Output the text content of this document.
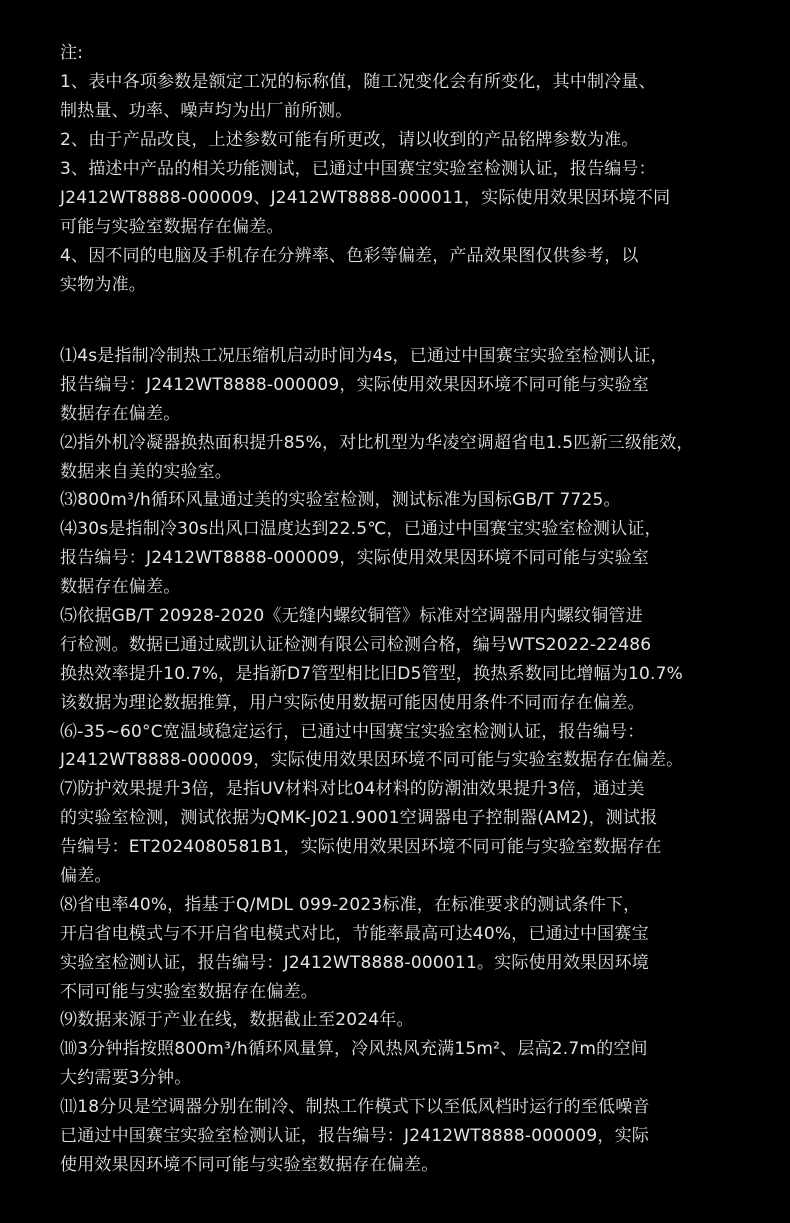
注:
1、表中各项参数是额定工况的标称值，随工况变化会有所变化，其中制冷量、
制热量、功率、噪声均为出厂前所测。
2、由于产品改良，上述参数可能有所更改，请以收到的产品铭牌参数为准。
3、描述中产品的相关功能测试，已通过中国赛宝实验室检测认证，报告编号：
J2412WT8888-000009、J2412WT8888-000011，实际使用效果因环境不同
可能与实验室数据存在偏差。
4、因不同的电脑及手机存在分辨率、色彩等偏差，产品效果图仅供参考，以
实物为准。
⑴4s是指制冷制热工况压缩机启动时间为4s，已通过中国赛宝实验室检测认证，
报告编号：J2412WT8888-000009，实际使用效果因环境不同可能与实验室
数据存在偏差。
⑵指外机冷凝器换热面积提升85%，对比机型为华凌空调超省电1.5匹新三级能效，
数据来自美的实验室。
⑶800m³/h循环风量通过美的实验室检测，测试标准为国标GB/T 7725。
⑷30s是指制冷30s出风口温度达到22.5℃，已通过中国赛宝实验室检测认证，
报告编号：J2412WT8888-000009，实际使用效果因环境不同可能与实验室
数据存在偏差。
⑸依据GB/T 20928-2020《无缝内螺纹铜管》标准对空调器用内螺纹铜管进
行检测。数据已通过威凯认证检测有限公司检测合格，编号WTS2022-22486
换热效率提升10.7%，是指新D7管型相比旧D5管型，换热系数同比增幅为10.7%
该数据为理论数据推算，用户实际使用数据可能因使用条件不同而存在偏差。
⑹-35~60°C宽温域稳定运行，已通过中国赛宝实验室检测认证，报告编号：
J2412WT8888-000009，实际使用效果因环境不同可能与实验室数据存在偏差。
⑺防护效果提升3倍，是指UV材料对比04材料的防潮油效果提升3倍，通过美
的实验室检测，测试依据为QMK-J021.9001空调器电子控制器(AM2)，测试报
告编号：ET2024080581B1，实际使用效果因环境不同可能与实验室数据存在
偏差。
⑻省电率40%，指基于Q/MDL 099-2023标准，在标准要求的测试条件下，
开启省电模式与不开启省电模式对比，节能率最高可达40%，已通过中国赛宝
实验室检测认证，报告编号：J2412WT8888-000011。实际使用效果因环境
不同可能与实验室数据存在偏差。
⑼数据来源于产业在线，数据截止至2024年。
⑽3分钟指按照800m³/h循环风量算，冷风热风充满15m²、层高2.7m的空间
大约需要3分钟。
⑾18分贝是空调器分别在制冷、制热工作模式下以至低风档时运行的至低噪音
已通过中国赛宝实验室检测认证，报告编号：J2412WT8888-000009，实际
使用效果因环境不同可能与实验室数据存在偏差。
